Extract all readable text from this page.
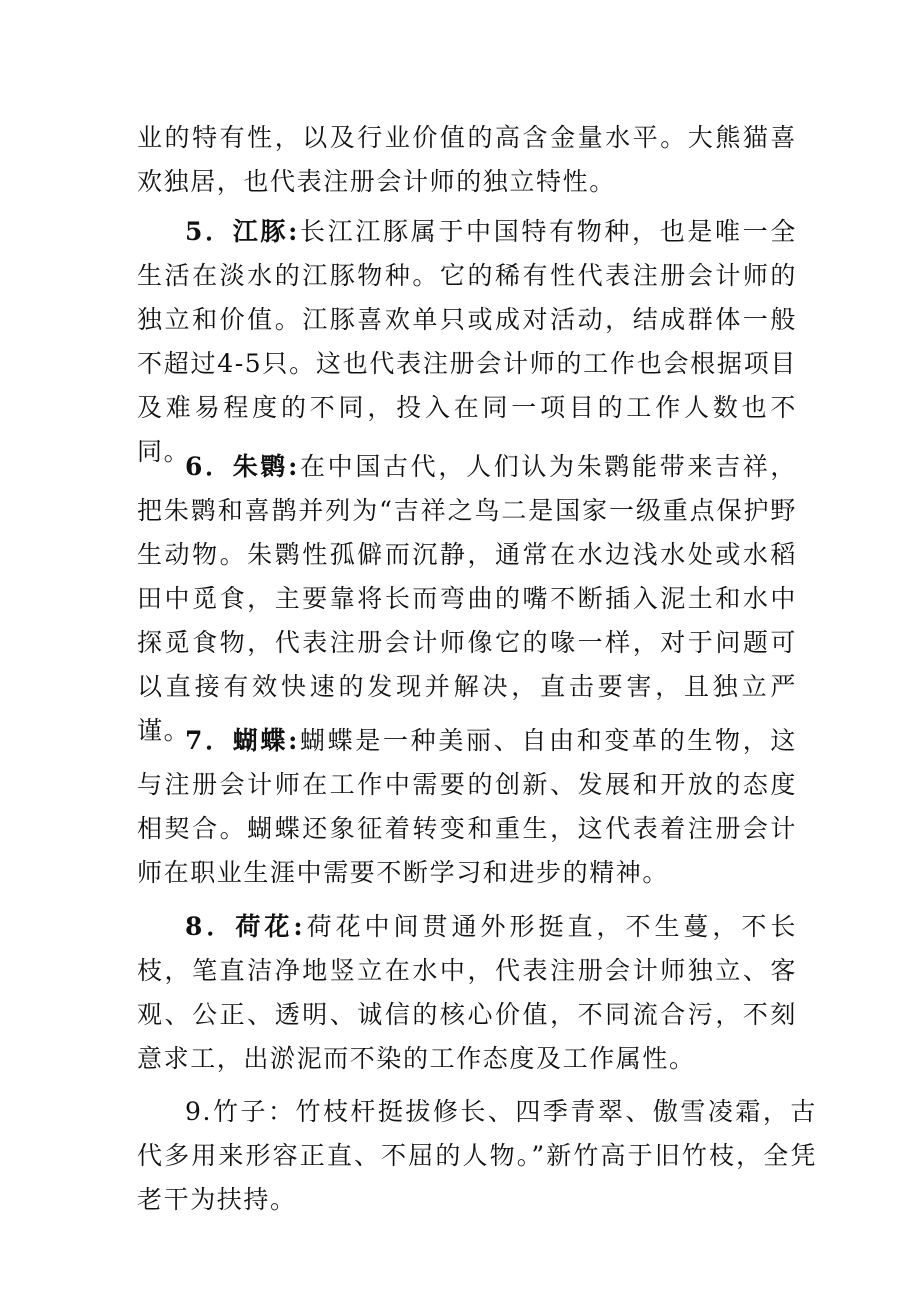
业的特有性，以及行业价值的高含金量水平。大熊猫喜欢独居，也代表注册会计师的独立特性。

5．江豚:长江江豚属于中国特有物种，也是唯一全生活在淡水的江豚物种。它的稀有性代表注册会计师的独立和价值。江豚喜欢单只或成对活动，结成群体一般不超过4-5只。这也代表注册会计师的工作也会根据项目及难易程度的不同，投入在同一项目的工作人数也不同。

6．朱鹮:在中国古代，人们认为朱鹮能带来吉祥，把朱鹮和喜鹊并列为“吉祥之鸟二是国家一级重点保护野生动物。朱鹮性孤僻而沉静，通常在水边浅水处或水稻田中觅食，主要靠将长而弯曲的嘴不断插入泥土和水中探觅食物，代表注册会计师像它的喙一样，对于问题可以直接有效快速的发现并解决，直击要害，且独立严谨。

7．蝴蝶:蝴蝶是一种美丽、自由和变革的生物，这与注册会计师在工作中需要的创新、发展和开放的态度相契合。蝴蝶还象征着转变和重生，这代表着注册会计师在职业生涯中需要不断学习和进步的精神。

8．荷花:荷花中间贯通外形挺直，不生蔓，不长枝，笔直洁净地竖立在水中，代表注册会计师独立、客观、公正、透明、诚信的核心价值，不同流合污，不刻意求工，出淤泥而不染的工作态度及工作属性。

9.竹子：竹枝杆挺拔修长、四季青翠、傲雪凌霜，古代多用来形容正直、不屈的人物。”新竹高于旧竹枝，全凭老干为扶持。
